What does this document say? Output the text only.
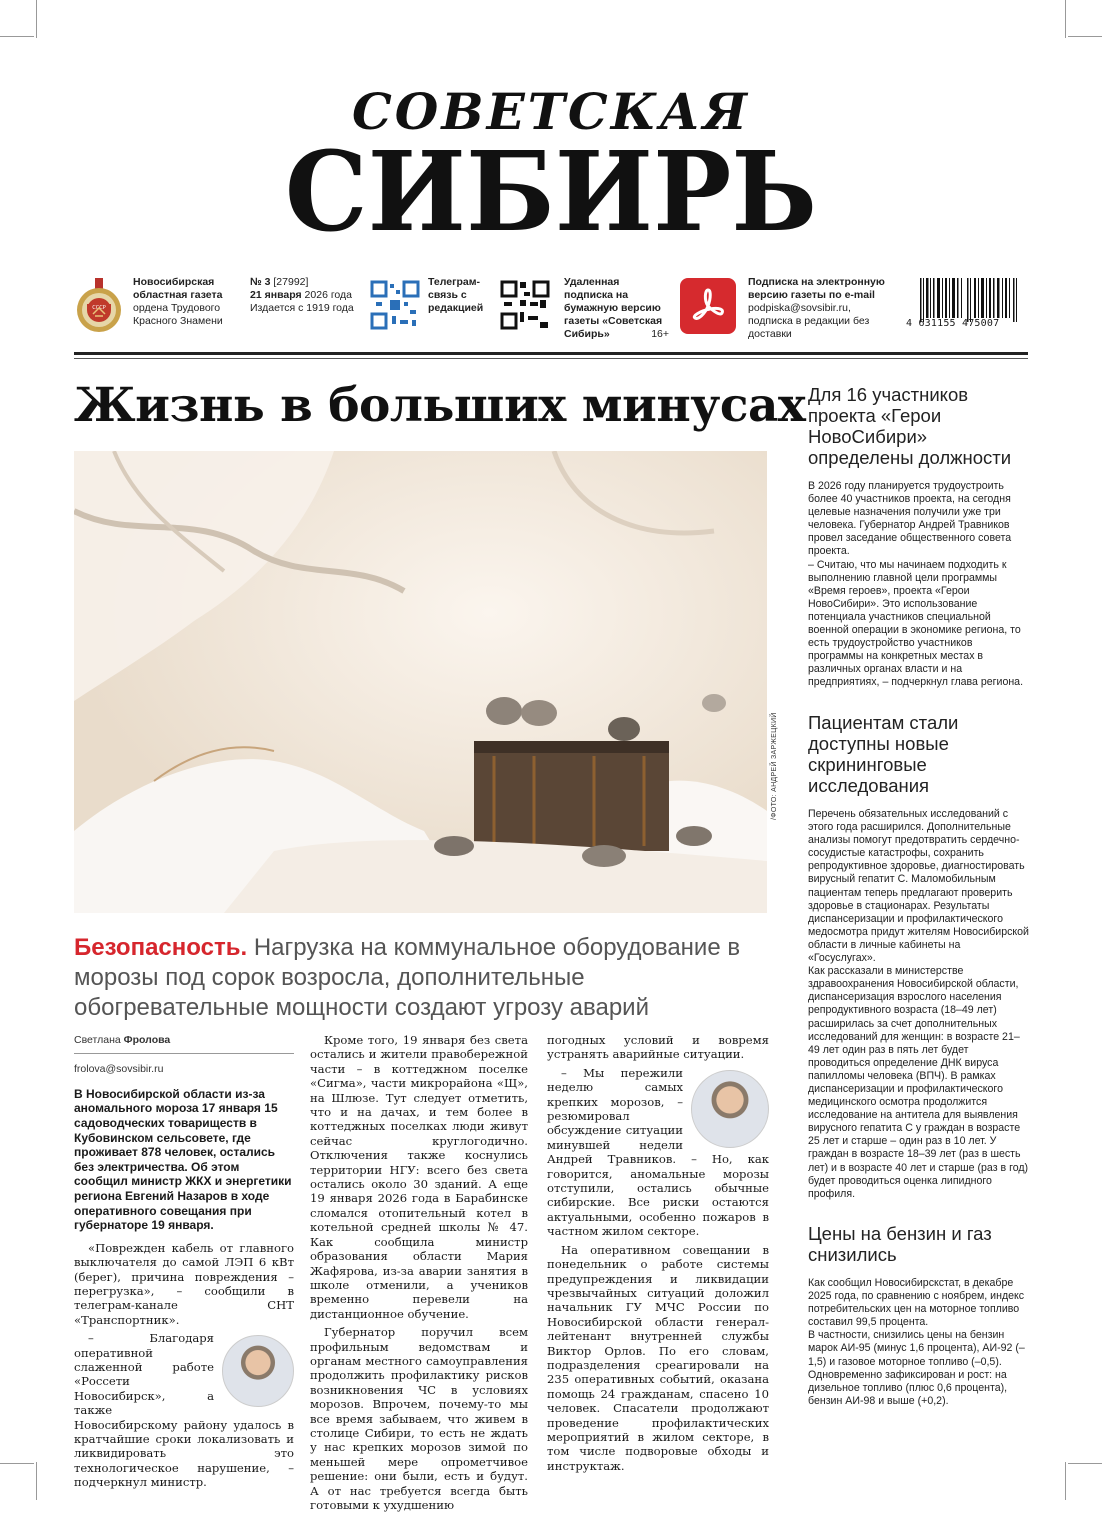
СОВЕТСКАЯ
СИБИРЬ
СССР
Новосибирская областная газета
ордена Трудового Красного Знамени
№ 3 [27992]
21 января 2026 года
Издается с 1919 года
Телеграм-связь с редакцией
Удаленная подписка на бумажную версию газеты «Советская Сибирь»	16+
Подписка на электронную версию газеты по e-mail
podpiska@sovsibir.ru,
подписка в редакции без доставки
4 631155 475007
Жизнь в больших минусах
/ФОТО: АНДРЕЙ ЗАРЖЕЦКИЙ
Безопасность. Нагрузка на коммунальное оборудование в морозы под сорок возросла, дополнительные обогревательные мощности создают угрозу аварий
Светлана Фролова
frolova@sovsibir.ru

В Новосибирской области из-за аномального мороза 17 января 15 садоводческих товариществ в Кубовинском сельсовете, где проживает 878 человек, остались без электричества. Об этом сообщил министр ЖКХ и энергетики региона Евгений Назаров в ходе оперативного совещания при губернаторе 19 января.

«Поврежден кабель от главного выключателя до самой ЛЭП 6 кВт (берег), причина повреждения – перегрузка», – сообщили в телеграм-канале СНТ «Транспортник».

– Благодаря оперативной слаженной работе «Россети Новосибирск», а также Новосибирскому району удалось в кратчайшие сроки локализовать и ликвидировать это технологическое нарушение, – подчеркнул министр.

Кроме того, 19 января без света остались и жители правобережной части – в коттеджном поселке «Сигма», части микрорайона «Щ», на Шлюзе. Тут следует отметить, что и на дачах, и тем более в коттеджных поселках люди живут сейчас круглогодично. Отключения также коснулись территории НГУ: всего без света остались около 30 зданий. А еще 19 января 2026 года в Барабинске сломался отопительный котел в котельной средней школы № 47. Как сообщила министр образования области Мария Жафярова, из-за аварии занятия в школе отменили, а учеников временно перевели на дистанционное обучение.

Губернатор поручил всем профильным ведомствам и органам местного самоуправления продолжить профилактику рисков возникновения ЧС в условиях морозов. Впрочем, почему-то мы все время забываем, что живем в столице Сибири, то есть не ждать у нас крепких морозов зимой по меньшей мере опрометчивое решение: они были, есть и будут. А от нас требуется всегда быть готовыми к ухудшению

погодных условий и вовремя устранять аварийные ситуации.

– Мы пережили неделю самых крепких морозов, – резюмировал обсуждение ситуации минувшей недели Андрей Травников. – Но, как говорится, аномальные морозы отступили, остались обычные сибирские. Все риски остаются актуальными, особенно пожаров в частном жилом секторе.

На оперативном совещании в понедельник о работе системы предупреждения и ликвидации чрезвычайных ситуаций доложил начальник ГУ МЧС России по Новосибирской области генерал-лейтенант внутренней службы Виктор Орлов. По его словам, подразделения среагировали на 235 оперативных событий, оказана помощь 24 гражданам, спасено 10 человек. Спасатели продолжают проведение профилактических мероприятий в жилом секторе, в том числе подворовые обходы и инструктаж.

Для 16 участников проекта «Герои НовоСибири» определены должности

В 2026 году планируется трудоустроить более 40 участников проекта, на сегодня целевые назначения получили уже три человека. Губернатор Андрей Травников провел заседание общественного совета проекта.
– Считаю, что мы начинаем подходить к выполнению главной цели программы «Время героев», проекта «Герои НовоСибири». Это использование потенциала участников специальной военной операции в экономике региона, то есть трудоустройство участников программы на конкретных местах в различных органах власти и на предприятиях, – подчеркнул глава региона.

Пациентам стали доступны новые скрининговые исследования

Перечень обязательных исследований с этого года расширился. Дополнительные анализы помогут предотвратить сердечно-сосудистые катастрофы, сохранить репродуктивное здоровье, диагностировать вирусный гепатит С. Маломобильным пациентам теперь предлагают проверить здоровье в стационарах. Результаты диспансеризации и профилактического медосмотра придут жителям Новосибирской области в личные кабинеты на «Госуслугах».
Как рассказали в министерстве здравоохранения Новосибирской области, диспансеризация взрослого населения репродуктивного возраста (18–49 лет) расширилась за счет дополнительных исследований для женщин: в возрасте 21–49 лет один раз в пять лет будет проводиться определение ДНК вируса папилломы человека (ВПЧ). В рамках диспансеризации и профилактического медицинского осмотра продолжится исследование на антитела для выявления вирусного гепатита С у граждан в возрасте 25 лет и старше – один раз в 10 лет. У граждан в возрасте 18–39 лет (раз в шесть лет) и в возрасте 40 лет и старше (раз в год) будет проводиться оценка липидного профиля.

Цены на бензин и газ снизились

Как сообщил Новосибирскстат, в декабре 2025 года, по сравнению с ноябрем, индекс потребительских цен на моторное топливо составил 99,5 процента.
В частности, снизились цены на бензин марок АИ-95 (минус 1,6 процента), АИ-92 (–1,5) и газовое моторное топливо (–0,5). Одновременно зафиксирован и рост: на дизельное топливо (плюс 0,6 процента), бензин АИ-98 и выше (+0,2).
